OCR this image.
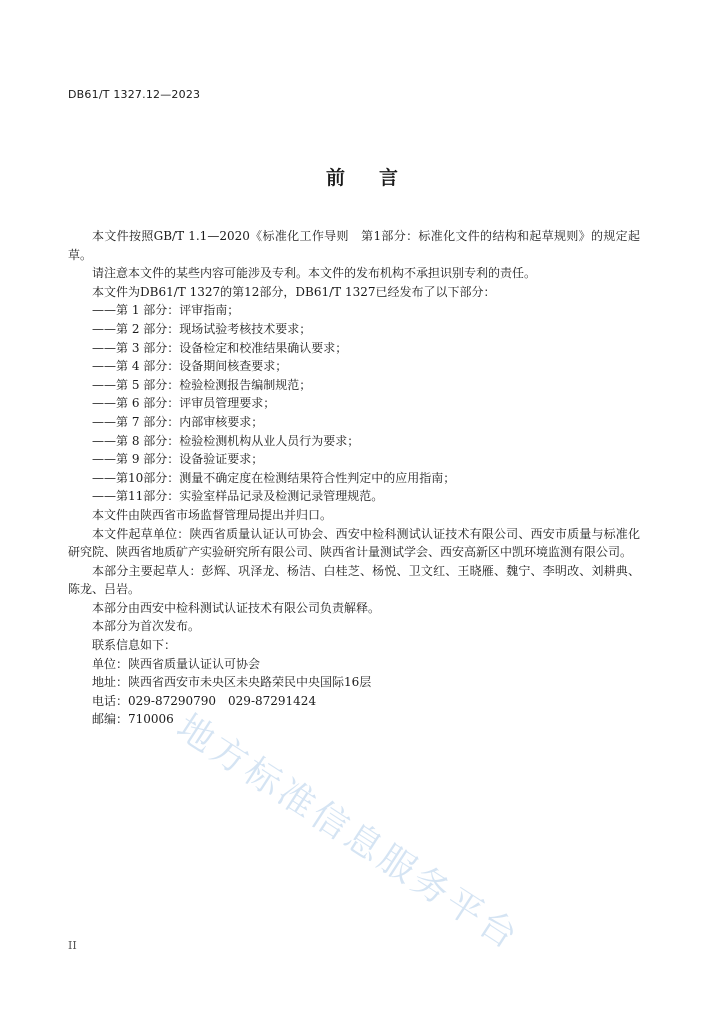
DB61/T 1327.12—2023
前言

本文件按照GB/T 1.1—2020《标准化工作导则　第1部分：标准化文件的结构和起草规则》的规定起草。

请注意本文件的某些内容可能涉及专利。本文件的发布机构不承担识别专利的责任。

本文件为DB61/T 1327的第12部分，DB61/T 1327已经发布了以下部分：

——第 1 部分：评审指南；
——第 2 部分：现场试验考核技术要求；
——第 3 部分：设备检定和校准结果确认要求；
——第 4 部分：设备期间核查要求；
——第 5 部分：检验检测报告编制规范；
——第 6 部分：评审员管理要求；
——第 7 部分：内部审核要求；
——第 8 部分：检验检测机构从业人员行为要求；
——第 9 部分：设备验证要求；
——第10部分：测量不确定度在检测结果符合性判定中的应用指南；
——第11部分：实验室样品记录及检测记录管理规范。

本文件由陕西省市场监督管理局提出并归口。

本文件起草单位：陕西省质量认证认可协会、西安中检科测试认证技术有限公司、西安市质量与标准化研究院、陕西省地质矿产实验研究所有限公司、陕西省计量测试学会、西安高新区中凯环境监测有限公司。

本部分主要起草人：彭辉、巩泽龙、杨洁、白桂芝、杨悦、卫文红、王晓雁、魏宁、李明改、刘耕典、陈龙、吕岩。

本部分由西安中检科测试认证技术有限公司负责解释。

本部分为首次发布。

联系信息如下：

单位：陕西省质量认证认可协会

地址：陕西省西安市未央区未央路荣民中央国际16层

电话：029-87290790　029-87291424

邮编：710006

地方标准信息服务平台
II
